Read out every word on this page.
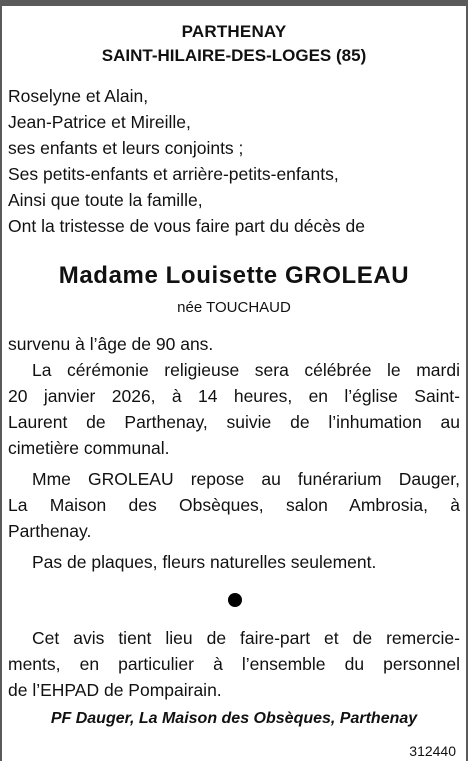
PARTHENAY
SAINT-HILAIRE-DES-LOGES (85)
Roselyne et Alain,
Jean-Patrice et Mireille,
ses enfants et leurs conjoints ;
Ses petits-enfants et arrière-petits-enfants,
Ainsi que toute la famille,
Ont la tristesse de vous faire part du décès de
Madame Louisette GROLEAU
née TOUCHAUD
survenu à l’âge de 90 ans.
La cérémonie religieuse sera célébrée le mardi
20 janvier 2026, à 14 heures, en l’église Saint-
Laurent de Parthenay, suivie de l’inhumation au
cimetière communal.
Mme GROLEAU repose au funérarium Dauger,
La Maison des Obsèques, salon Ambrosia, à
Parthenay.
Pas de plaques, fleurs naturelles seulement.
Cet avis tient lieu de faire-part et de remercie-
ments, en particulier à l’ensemble du personnel
de l’EHPAD de Pompairain.
PF Dauger, La Maison des Obsèques, Parthenay
312440
